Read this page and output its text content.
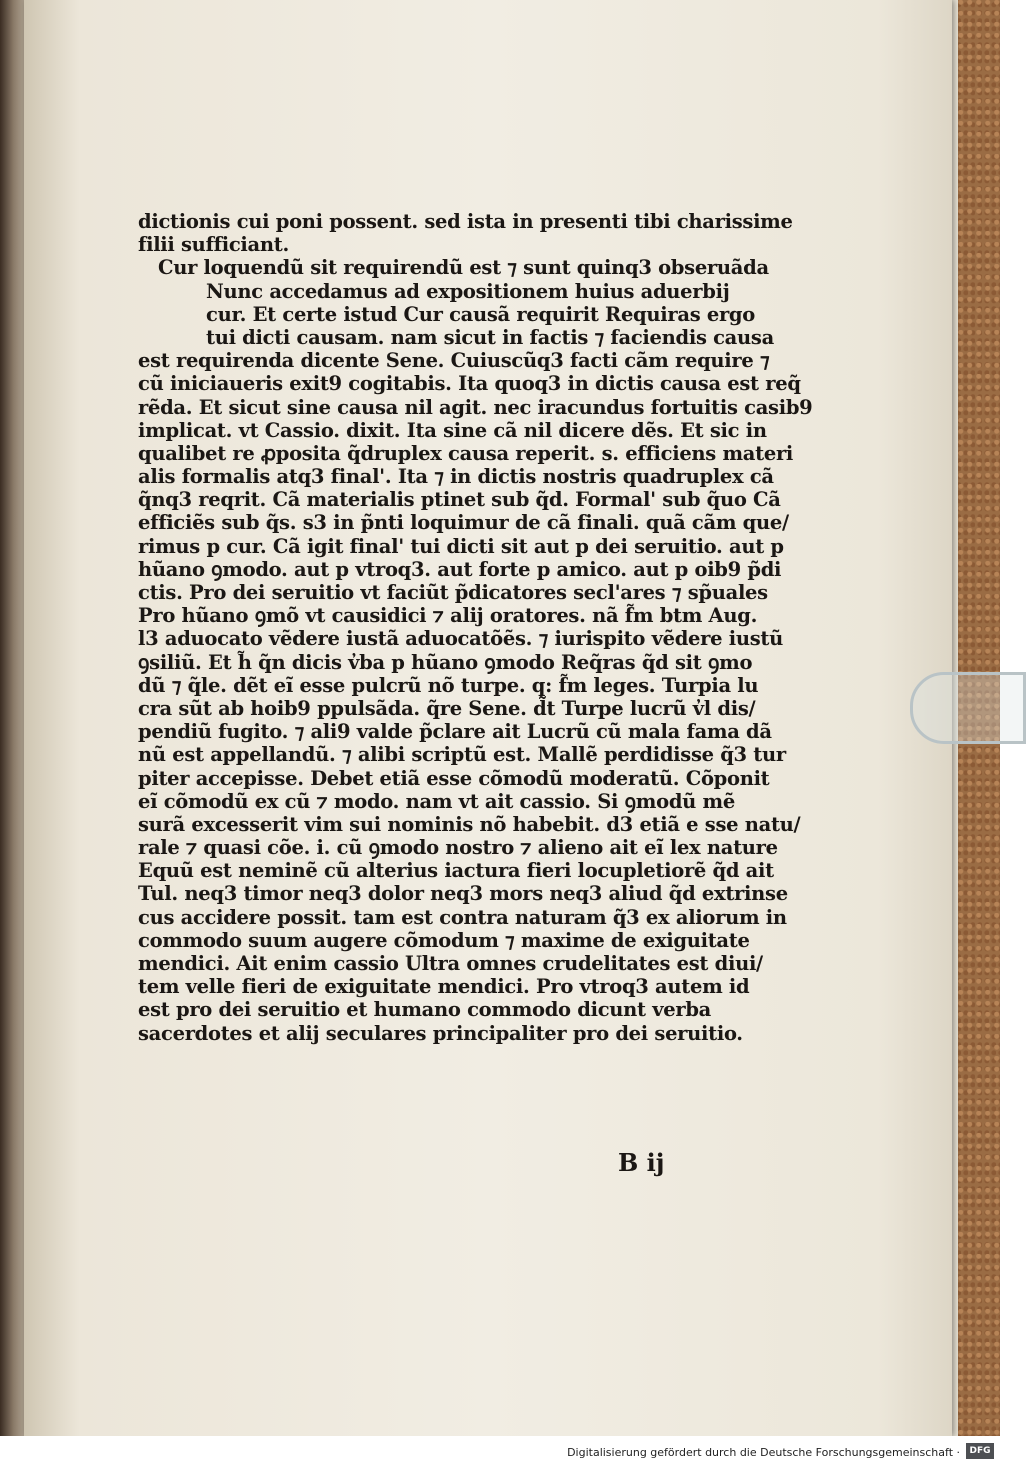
dictionis cui poni possent. sed ista in presenti tibi charissime
filii sufficiant.
Cur loquendũ sit requirendũ est ⁊ sunt quinq3 obseruãda
Nunc accedamus ad expositionem huius aduerbij
cur. Et certe istud Cur causã requirit Requiras ergo
tui dicti causam. nam sicut in factis ⁊ faciendis causa
est requirenda dicente Sene. Cuiuscũq3 facti cãm require ⁊
cũ iniciaueris exit9 cogitabis. Ita quoq3 in dictis causa est req̃
rẽda. Et sicut sine causa nil agit. nec iracundus fortuitis casib9
implicat. vt Cassio. dixit. Ita sine cã nil dicere dẽs. Et sic in
qualibet re ꝓposita q̃druplex causa reperit. s. efficiens materi
alis formalis atq3 final'. Ita ⁊ in dictis nostris quadruplex cã
q̃nq3 reqrit. Cã materialis ptinet sub q̃d. Formal' sub q̃uo Cã
efficiẽs sub q̃s. s3 in p̃nti loquimur de cã finali. quã cãm que/
rimus p cur. Cã igit final' tui dicti sit aut p dei seruitio. aut p
hũano ꝯmodo. aut p vtroq3. aut forte p amico. aut p oib9 p̃di
ctis. Pro dei seruitio vt faciũt p̃dicatores secl'ares ⁊ sp̃uales
Pro hũano ꝯmõ vt causidici ⁊ alij oratores. nã f̃m btm Aug.
l3 aduocato vẽdere iustã aduocatõẽs. ⁊ iurispito vẽdere iustũ
ꝯsiliũ. Et h̃ q̃n dicis v̓ba p hũano ꝯmodo Req̃ras q̃d sit ꝯmo
dũ ⁊ q̃le. dẽt eĩ esse pulcrũ nõ turpe. q: f̃m leges. Turpia lu
cra sũt ab hoib9 ppulsãda. q̃re Sene. d̃t Turpe lucrũ v̓l dis/
pendiũ fugito. ⁊ ali9 valde p̃clare ait Lucrũ cũ mala fama dã
nũ est appellandũ. ⁊ alibi scriptũ est. Mallẽ perdidisse q̃3 tur
piter accepisse. Debet etiã esse cõmodũ moderatũ. Cõponit
eĩ cõmodũ ex cũ ⁊ modo. nam vt ait cassio. Si ꝯmodũ mẽ
surã excesserit vim sui nominis nõ habebit. d3 etiã e sse natu/
rale ⁊ quasi cõe. i. cũ ꝯmodo nostro ⁊ alieno ait eĩ lex nature
Equũ est neminẽ cũ alterius iactura fieri locupletiorẽ q̃d ait
Tul. neq3 timor neq3 dolor neq3 mors neq3 aliud q̃d extrinse
cus accidere possit. tam est contra naturam q̃3 ex aliorum in
commodo suum augere cõmodum ⁊ maxime de exiguitate
mendici. Ait enim cassio Ultra omnes crudelitates est diui/
tem velle fieri de exiguitate mendici. Pro vtroq3 autem id
est pro dei seruitio et humano commodo dicunt verba
sacerdotes et alij seculares principaliter pro dei seruitio.
B ij
Digitalisierung gefördert durch die Deutsche Forschungsgemeinschaft ·	DFG
